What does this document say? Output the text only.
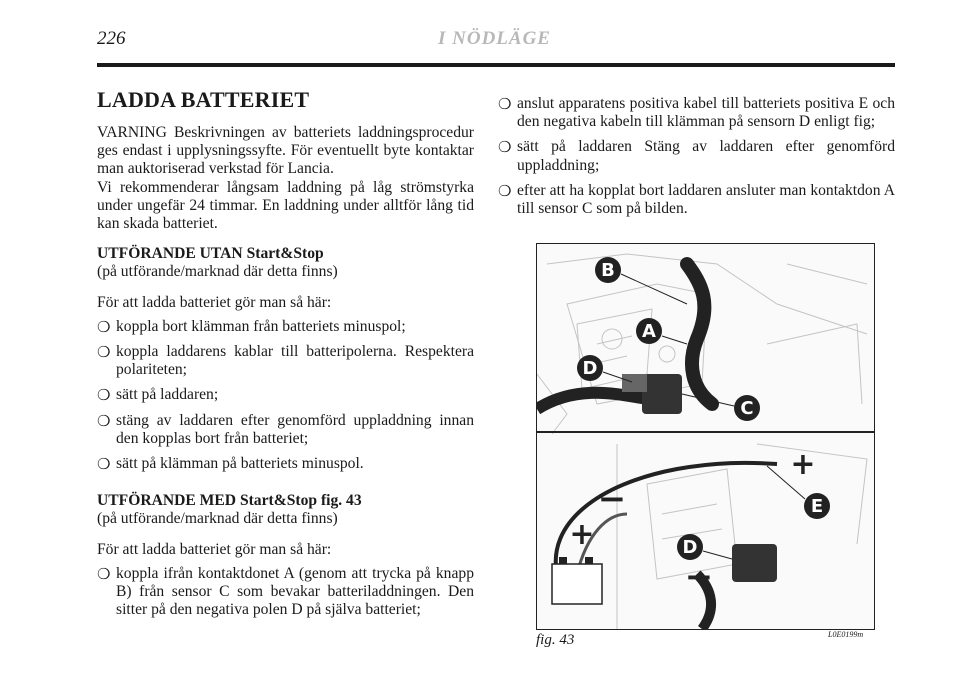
226	I NÖDLÄGE
LADDA BATTERIET

VARNING Beskrivningen av batteriets laddningsprocedur ges endast i upplysningssyfte. För eventuellt byte kontaktar man auktoriserad verkstad för Lancia.

Vi rekommenderar långsam laddning på låg strömstyrka under ungefär 24 timmar. En laddning under alltför lång tid kan skada batteriet.

UTFÖRANDE UTAN Start&Stop

(på utförande/marknad där detta finns)

För att ladda batteriet gör man så här:

❍ koppla bort klämman från batteriets minuspol;
❍ koppla laddarens kablar till batteripolerna. Respektera polariteten;
❍ sätt på laddaren;
❍ stäng av laddaren efter genomförd uppladdning innan den kopplas bort från batteriet;
❍ sätt på klämman på batteriets minuspol.

UTFÖRANDE MED Start&Stop fig. 43

(på utförande/marknad där detta finns)

För att ladda batteriet gör man så här:

❍ koppla ifrån kontaktdonet A (genom att trycka på knapp B) från sensor C som bevakar batteriladdningen. Den sitter på den negativa polen D på själva batteriet;
❍ anslut apparatens positiva kabel till batteriets positiva E och den negativa kabeln till klämman på sensorn D enligt fig;
❍ sätt på laddaren Stäng av laddaren efter genomförd uppladdning;
❍ efter att ha kopplat bort laddaren ansluter man kontaktdon A till sensor C som på bilden.
B
A
D
C
E
D
+
−
+
−
fig. 43	L0E0199m
